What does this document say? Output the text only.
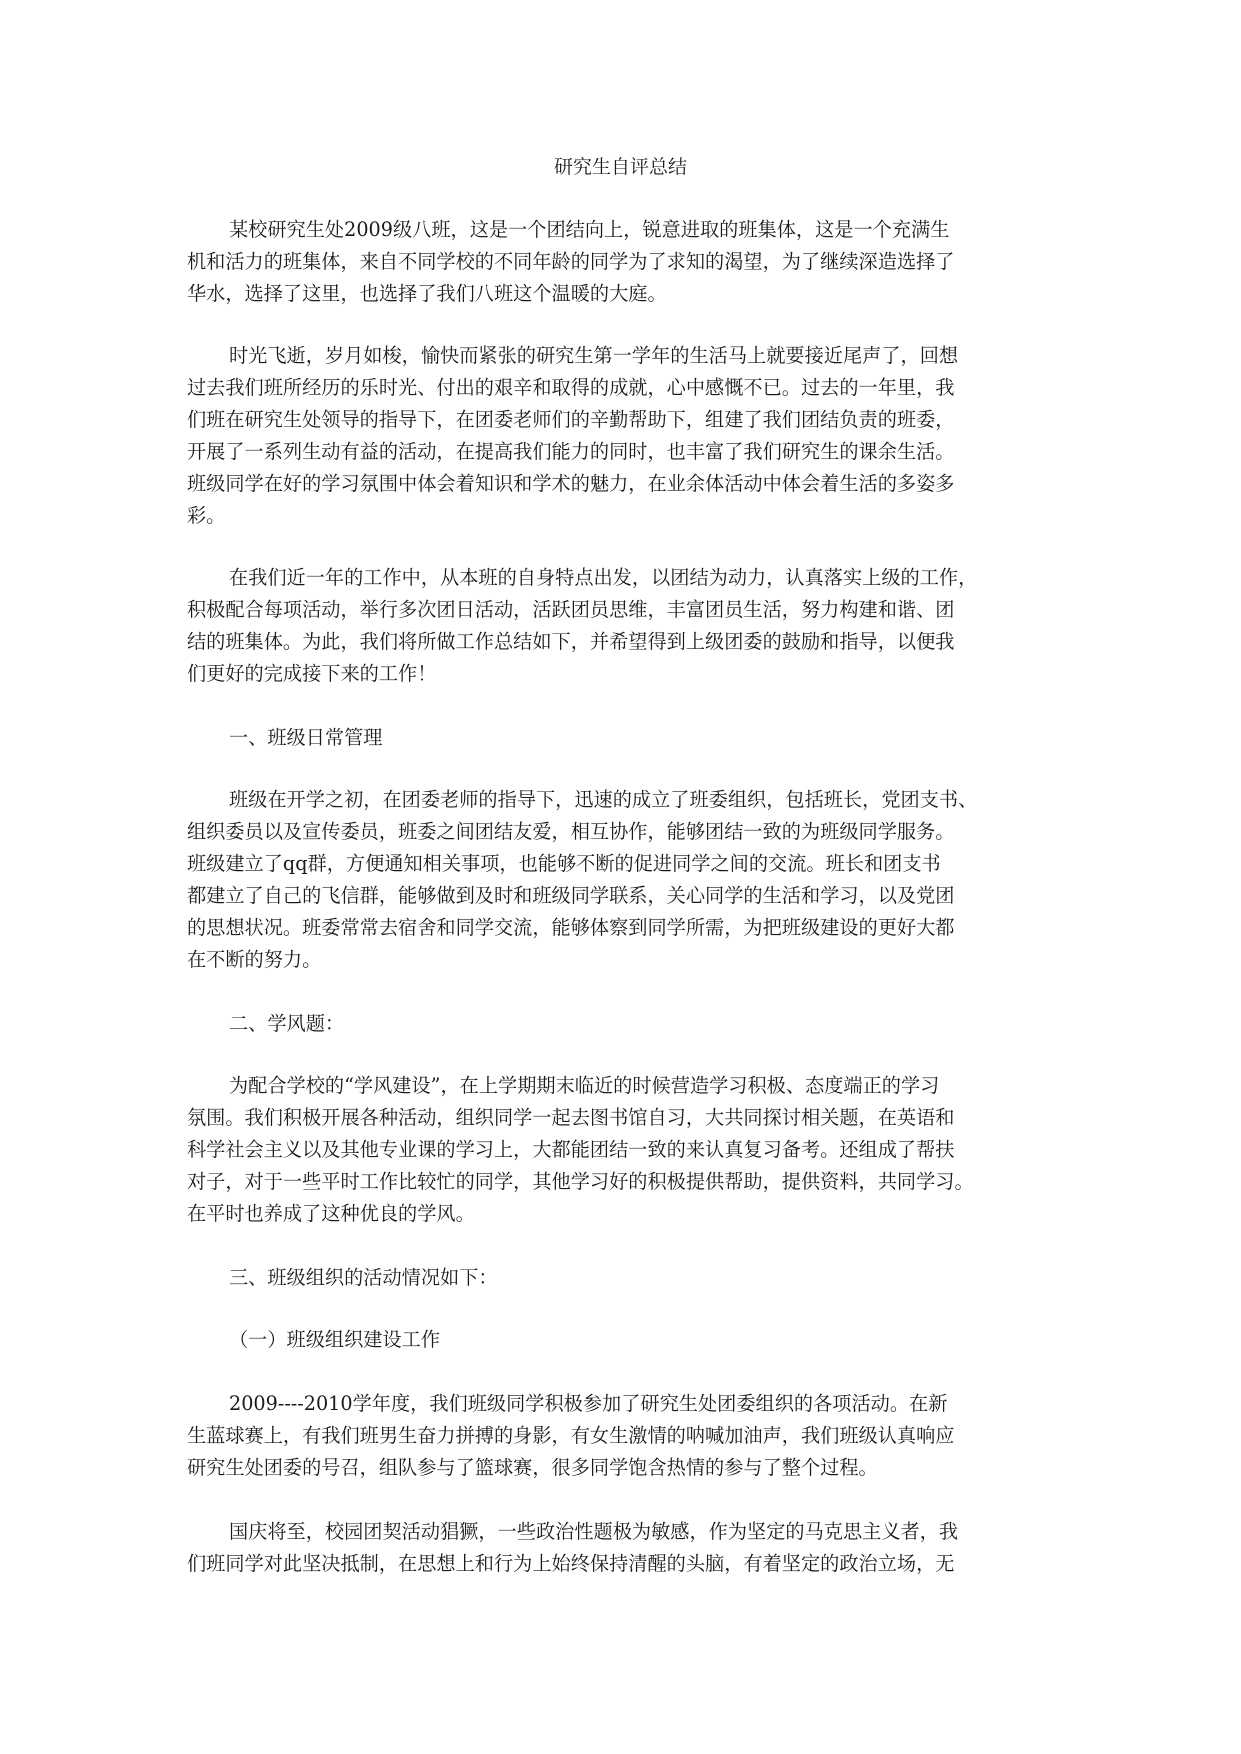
研究生自评总结
某校研究生处2009级八班，这是一个团结向上，锐意进取的班集体，这是一个充满生
机和活力的班集体，来自不同学校的不同年龄的同学为了求知的渴望，为了继续深造选择了
华水，选择了这里，也选择了我们八班这个温暖的大庭。
时光飞逝，岁月如梭，愉快而紧张的研究生第一学年的生活马上就要接近尾声了，回想
过去我们班所经历的乐时光、付出的艰辛和取得的成就，心中感慨不已。过去的一年里，我
们班在研究生处领导的指导下，在团委老师们的辛勤帮助下，组建了我们团结负责的班委，
开展了一系列生动有益的活动，在提高我们能力的同时，也丰富了我们研究生的课余生活。
班级同学在好的学习氛围中体会着知识和学术的魅力，在业余体活动中体会着生活的多姿多
彩。
在我们近一年的工作中，从本班的自身特点出发，以团结为动力，认真落实上级的工作，
积极配合每项活动，举行多次团日活动，活跃团员思维，丰富团员生活，努力构建和谐、团
结的班集体。为此，我们将所做工作总结如下，并希望得到上级团委的鼓励和指导，以便我
们更好的完成接下来的工作！
一、班级日常管理
班级在开学之初，在团委老师的指导下，迅速的成立了班委组织，包括班长，党团支书、
组织委员以及宣传委员，班委之间团结友爱，相互协作，能够团结一致的为班级同学服务。
班级建立了qq群，方便通知相关事项，也能够不断的促进同学之间的交流。班长和团支书
都建立了自己的飞信群，能够做到及时和班级同学联系，关心同学的生活和学习，以及党团
的思想状况。班委常常去宿舍和同学交流，能够体察到同学所需，为把班级建设的更好大都
在不断的努力。
二、学风题：
为配合学校的“学风建设”，在上学期期末临近的时候营造学习积极、态度端正的学习
氛围。我们积极开展各种活动，组织同学一起去图书馆自习，大共同探讨相关题，在英语和
科学社会主义以及其他专业课的学习上，大都能团结一致的来认真复习备考。还组成了帮扶
对子，对于一些平时工作比较忙的同学，其他学习好的积极提供帮助，提供资料，共同学习。
在平时也养成了这种优良的学风。
三、班级组织的活动情况如下：
（一）班级组织建设工作
2009----2010学年度，我们班级同学积极参加了研究生处团委组织的各项活动。在新
生蓝球赛上，有我们班男生奋力拼搏的身影，有女生激情的呐喊加油声，我们班级认真响应
研究生处团委的号召，组队参与了篮球赛，很多同学饱含热情的参与了整个过程。
国庆将至，校园团契活动猖獗，一些政治性题极为敏感，作为坚定的马克思主义者，我
们班同学对此坚决抵制，在思想上和行为上始终保持清醒的头脑，有着坚定的政治立场，无
